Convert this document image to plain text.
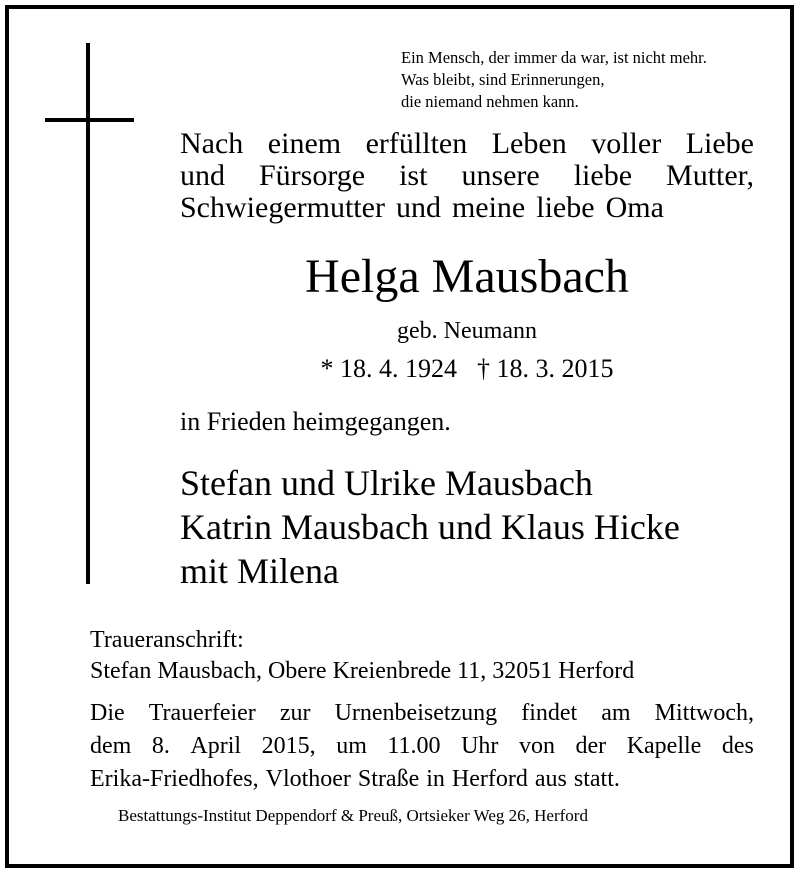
Ein Mensch, der immer da war, ist nicht mehr.
Was bleibt, sind Erinnerungen,
die niemand nehmen kann.
Nach einem erfüllten Leben voller Liebe
und Fürsorge ist unsere liebe Mutter,
Schwiegermutter und meine liebe Oma
Helga Mausbach
geb. Neumann
* 18. 4. 1924 † 18. 3. 2015
in Frieden heimgegangen.
Stefan und Ulrike Mausbach
Katrin Mausbach und Klaus Hicke
mit Milena
Traueranschrift:
Stefan Mausbach, Obere Kreienbrede 11, 32051 Herford
Die Trauerfeier zur Urnenbeisetzung findet am Mittwoch,
dem 8. April 2015, um 11.00 Uhr von der Kapelle des
Erika-Friedhofes, Vlothoer Straße in Herford aus statt.
Bestattungs-Institut Deppendorf & Preuß, Ortsieker Weg 26, Herford
